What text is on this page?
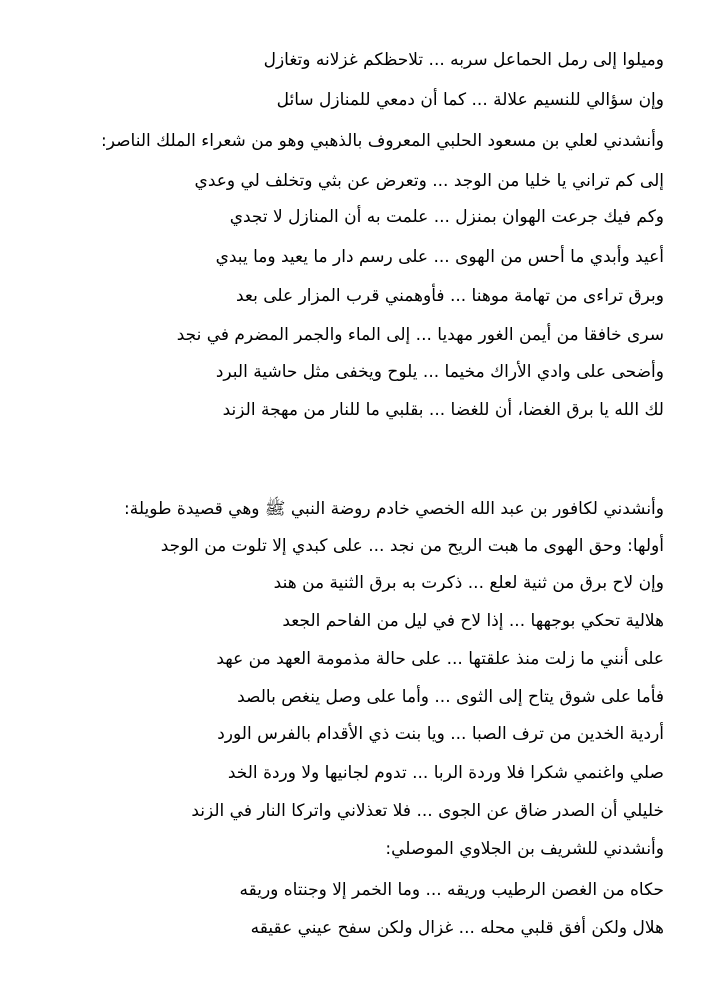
وميلوا إلى رمل الحماعل سربه ... تلاحظكم غزلانه وتغازل
وإن سؤالي للنسيم علالة ... كما أن دمعي للمنازل سائل
وأنشدني لعلي بن مسعود الحلبي المعروف بالذهبي وهو من شعراء الملك الناصر:
إلى كم تراني يا خليا من الوجد ... وتعرض عن بثي وتخلف لي وعدي
وكم فيك جرعت الهوان بمنزل ... علمت به أن المنازل لا تجدي
أعيد وأبدي ما أحس من الهوى ... على رسم دار ما يعيد وما يبدي
وبرق تراءى من تهامة موهنا ... فأوهمني قرب المزار على بعد
سرى خافقا من أيمن الغور مهديا ... إلى الماء والجمر المضرم في نجد
وأضحى على وادي الأراك مخيما ... يلوح ويخفى مثل حاشية البرد
لك الله يا برق الغضا، أن للغضا ... بقلبي ما للنار من مهجة الزند
وأنشدني لكافور بن عبد الله الخصي خادم روضة النبي ﷺ وهي قصيدة طويلة:
أولها: وحق الهوى ما هبت الريح من نجد ... على كبدي إلا تلوت من الوجد
وإن لاح برق من ثنية لعلع ... ذكرت به برق الثنية من هند
هلالية تحكي بوجهها ... إذا لاح في ليل من الفاحم الجعد
على أنني ما زلت منذ علقتها ... على حالة مذمومة العهد من عهد
فأما على شوق يتاح إلى الثوى ... وأما على وصل ينغص بالصد
أردية الخدين من ترف الصبا ... ويا بنت ذي الأقدام بالفرس الورد
صلي واغنمي شكرا فلا وردة الربا ... تدوم لجانيها ولا وردة الخد
خليلي أن الصدر ضاق عن الجوى ... فلا تعذلاني واتركا النار في الزند
وأنشدني للشريف بن الجلاوي الموصلي:
حكاه من الغصن الرطيب وريقه ... وما الخمر إلا وجنتاه وريقه
هلال ولكن أفق قلبي محله ... غزال ولكن سفح عيني عقيقه
